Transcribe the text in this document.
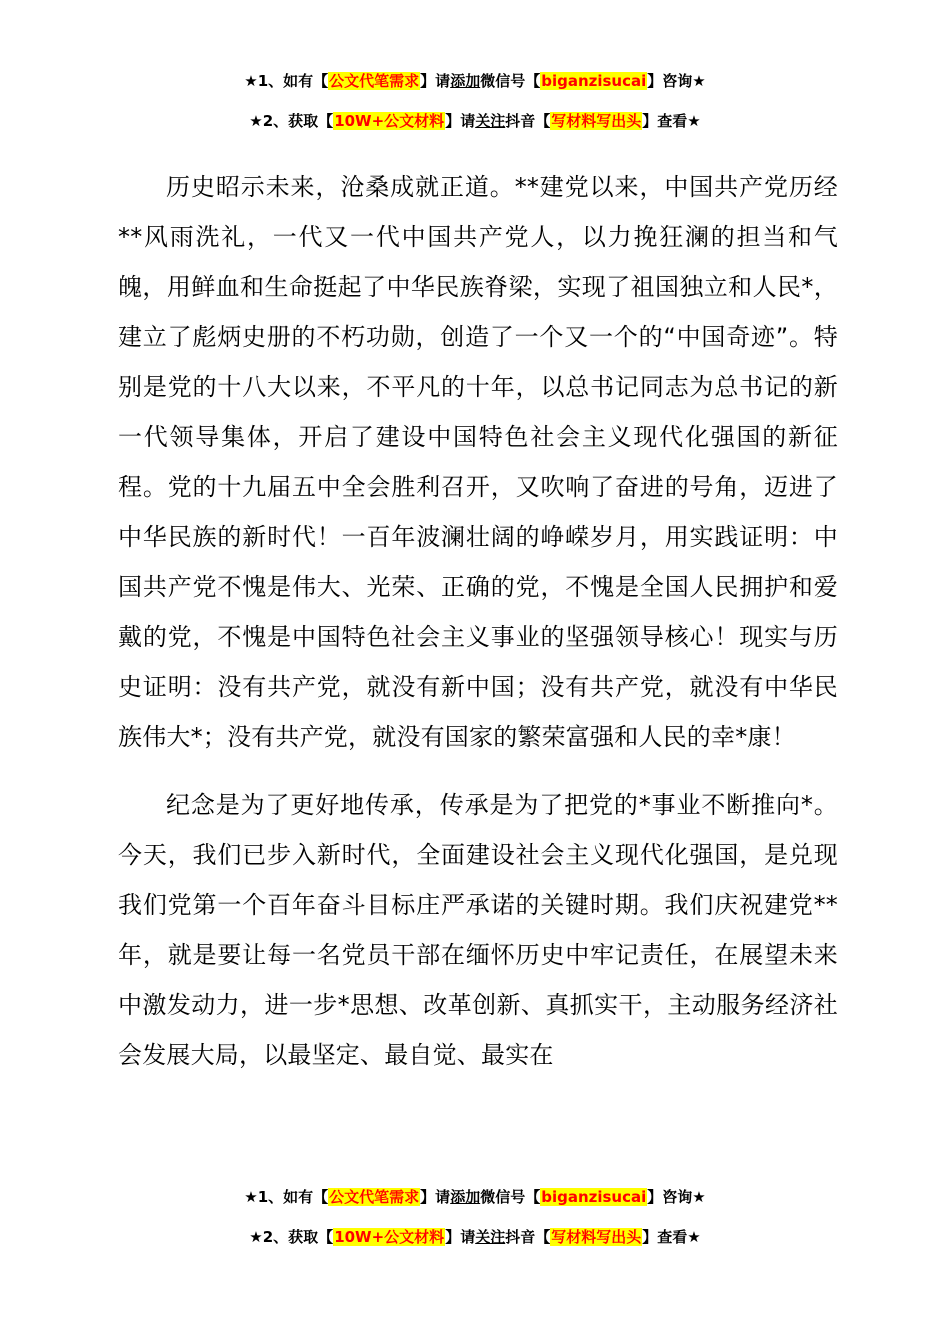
★1、如有【公文代笔需求】请添加微信号【biganzisucai】咨询★
★2、获取【10W+公文材料】请关注抖音【写材料写出头】查看★

历史昭示未来，沧桑成就正道。**建党以来，中国共产党历经**风雨洗礼，一代又一代中国共产党人，以力挽狂澜的担当和气魄，用鲜血和生命挺起了中华民族脊梁，实现了祖国独立和人民*，建立了彪炳史册的不朽功勋，创造了一个又一个的“中国奇迹”。特别是党的十八大以来，不平凡的十年，以总书记同志为总书记的新一代领导集体，开启了建设中国特色社会主义现代化强国的新征程。党的十九届五中全会胜利召开，又吹响了奋进的号角，迈进了中华民族的新时代！一百年波澜壮阔的峥嵘岁月，用实践证明：中国共产党不愧是伟大、光荣、正确的党，不愧是全国人民拥护和爱戴的党，不愧是中国特色社会主义事业的坚强领导核心！现实与历史证明：没有共产党，就没有新中国；没有共产党，就没有中华民族伟大*；没有共产党，就没有国家的繁荣富强和人民的幸*康！

纪念是为了更好地传承，传承是为了把党的*事业不断推向*。今天，我们已步入新时代，全面建设社会主义现代化强国，是兑现我们党第一个百年奋斗目标庄严承诺的关键时期。我们庆祝建党**年，就是要让每一名党员干部在缅怀历史中牢记责任，在展望未来中激发动力，进一步*思想、改革创新、真抓实干，主动服务经济社会发展大局，以最坚定、最自觉、最实在

★1、如有【公文代笔需求】请添加微信号【biganzisucai】咨询★
★2、获取【10W+公文材料】请关注抖音【写材料写出头】查看★
